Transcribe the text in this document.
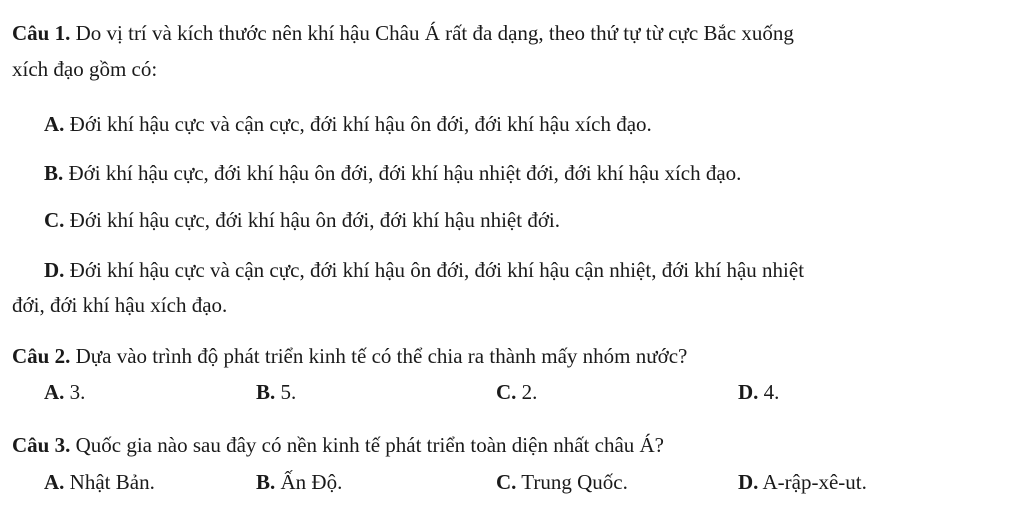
Câu 1. Do vị trí và kích thước nên khí hậu Châu Á rất đa dạng, theo thứ tự từ cực Bắc xuống
xích đạo gồm có:
A. Đới khí hậu cực và cận cực, đới khí hậu ôn đới, đới khí hậu xích đạo.
B. Đới khí hậu cực, đới khí hậu ôn đới, đới khí hậu nhiệt đới, đới khí hậu xích đạo.
C. Đới khí hậu cực, đới khí hậu ôn đới, đới khí hậu nhiệt đới.
D. Đới khí hậu cực và cận cực, đới khí hậu ôn đới, đới khí hậu cận nhiệt, đới khí hậu nhiệt
đới, đới khí hậu xích đạo.
Câu 2. Dựa vào trình độ phát triển kinh tế có thể chia ra thành mấy nhóm nước?
A. 3.	B. 5.	C. 2.	D. 4.
Câu 3. Quốc gia nào sau đây có nền kinh tế phát triển toàn diện nhất châu Á?
A. Nhật Bản.	B. Ấn Độ.	C. Trung Quốc.	D. A-rập-xê-ut.
